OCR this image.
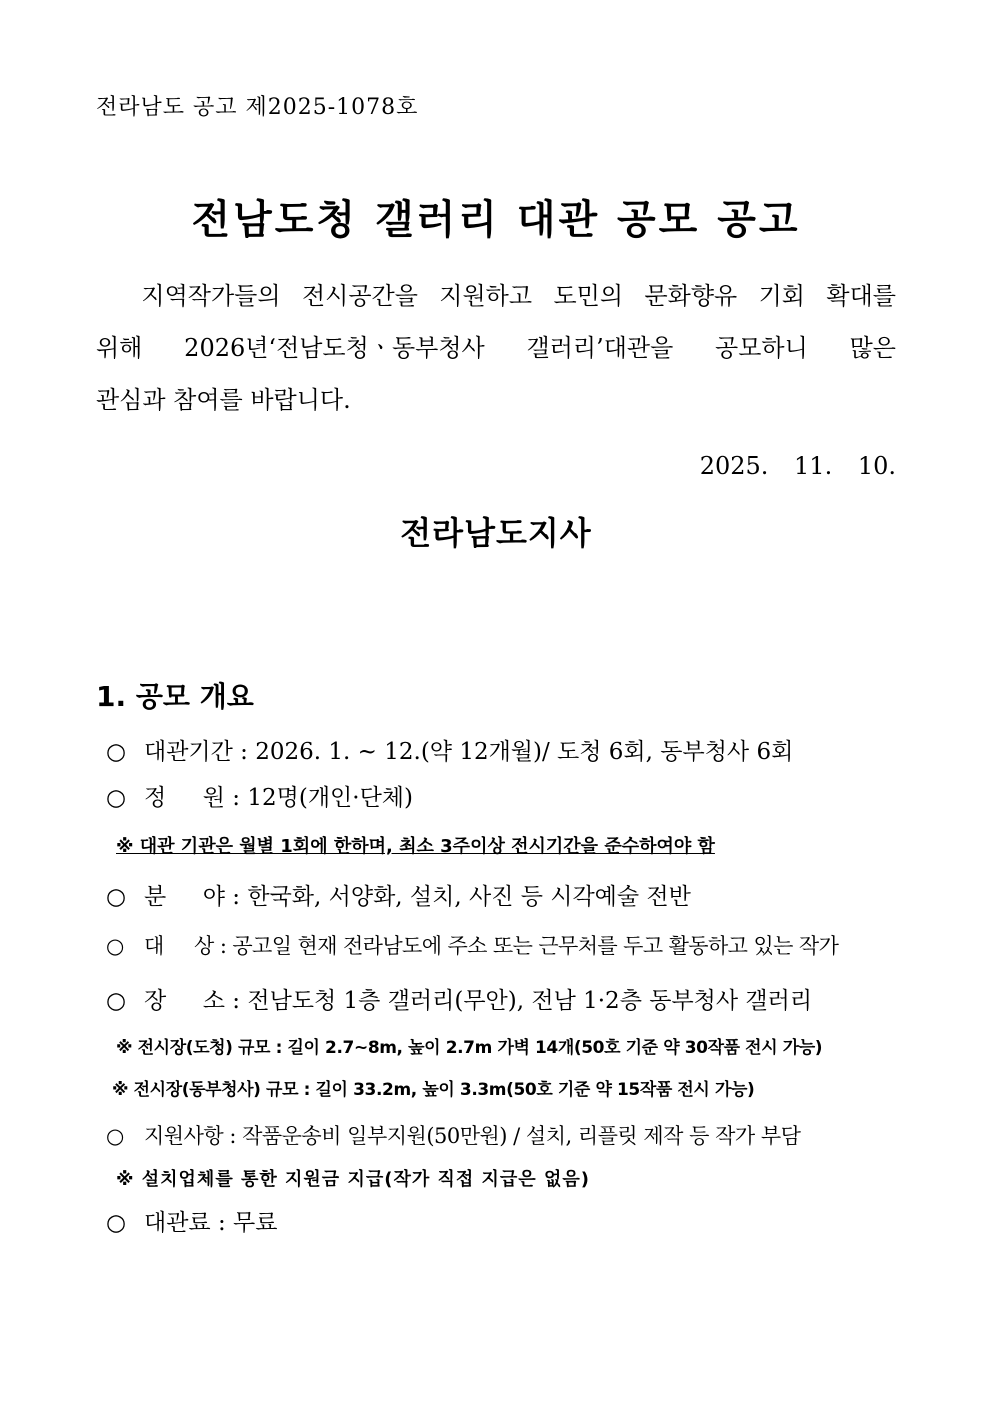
전라남도 공고 제2025-1078호
전남도청 갤러리 대관 공모 공고
지역작가들의 전시공간을 지원하고 도민의 문화향유 기회 확대를
위해 2026년‘전남도청ㆍ동부청사 갤러리’대관을 공모하니 많은
관심과 참여를 바랍니다.
2025. 11. 10.
전라남도지사
1. 공모 개요
○ 대관기간 : 2026. 1. ~ 12.(약 12개월)/ 도청 6회, 동부청사 6회
○ 정     원 : 12명(개인·단체)
※ 대관 기관은 월별 1회에 한하며, 최소 3주이상 전시기간을 준수하여야 함
○ 분     야 : 한국화, 서양화, 설치, 사진 등 시각예술 전반
○ 대     상 : 공고일 현재 전라남도에 주소 또는 근무처를 두고 활동하고 있는 작가
○ 장     소 : 전남도청 1층 갤러리(무안), 전남 1·2층 동부청사 갤러리
※ 전시장(도청) 규모 : 길이 2.7~8m, 높이 2.7m 가벽 14개(50호 기준 약 30작품 전시 가능)
※ 전시장(동부청사) 규모 : 길이 33.2m, 높이 3.3m(50호 기준 약 15작품 전시 가능)
○ 지원사항 : 작품운송비 일부지원(50만원) / 설치, 리플릿 제작 등 작가 부담
※ 설치업체를 통한 지원금 지급(작가 직접 지급은 없음)
○ 대관료 : 무료
